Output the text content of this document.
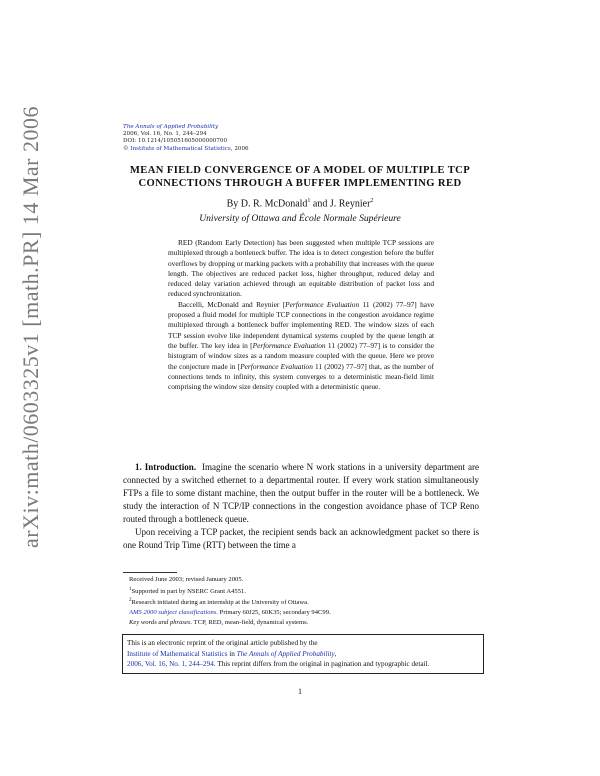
arXiv:math/0603325v1 [math.PR] 14 Mar 2006	The Annals of Applied Probability
2006, Vol. 16, No. 1, 244–294
DOI: 10.1214/105051605000000700
© Institute of Mathematical Statistics, 2006
MEAN FIELD CONVERGENCE OF A MODEL OF MULTIPLE TCP
CONNECTIONS THROUGH A BUFFER IMPLEMENTING RED
By D. R. McDonald$^1$ and J. Reynier$^2$
University of Ottawa and École Normale Supérieure

RED (Random Early Detection) has been suggested when multiple TCP sessions are multiplexed through a bottleneck buffer. The idea is to detect congestion before the buffer overflows by dropping or marking packets with a probability that increases with the queue length. The objectives are reduced packet loss, higher throughput, reduced delay and reduced delay variation achieved through an equitable distribution of packet loss and reduced synchronization.

Baccelli, McDonald and Reynier [Performance Evaluation 11 (2002) 77–97] have proposed a fluid model for multiple TCP connections in the congestion avoidance regime multiplexed through a bottleneck buffer implementing RED. The window sizes of each TCP session evolve like independent dynamical systems coupled by the queue length at the buffer. The key idea in [Performance Evaluation 11 (2002) 77–97] is to consider the histogram of window sizes as a random measure coupled with the queue. Here we prove the conjecture made in [Performance Evaluation 11 (2002) 77–97] that, as the number of connections tends to infinity, this system converges to a deterministic mean-field limit comprising the window size density coupled with a deterministic queue.

1. Introduction. Imagine the scenario where N work stations in a university department are connected by a switched ethernet to a departmental router. If every work station simultaneously FTPs a file to some distant machine, then the output buffer in the router will be a bottleneck. We study the interaction of N TCP/IP connections in the congestion avoidance phase of TCP Reno routed through a bottleneck queue.

Upon receiving a TCP packet, the recipient sends back an acknowledgment packet so there is one Round Trip Time (RTT) between the time a

Received June 2003; revised January 2005.
$^1$Supported in part by NSERC Grant A4551.
$^2$Research initiated during an internship at the University of Ottawa.
AMS 2000 subject classifications. Primary 60J25, 60K35; secondary 94C99.
Key words and phrases. TCP, RED, mean-field, dynamical systems.
This is an electronic reprint of the original article published by the
Institute of Mathematical Statistics in The Annals of Applied Probability,
2006, Vol. 16, No. 1, 244–294. This reprint differs from the original in pagination and typographic detail.
1
